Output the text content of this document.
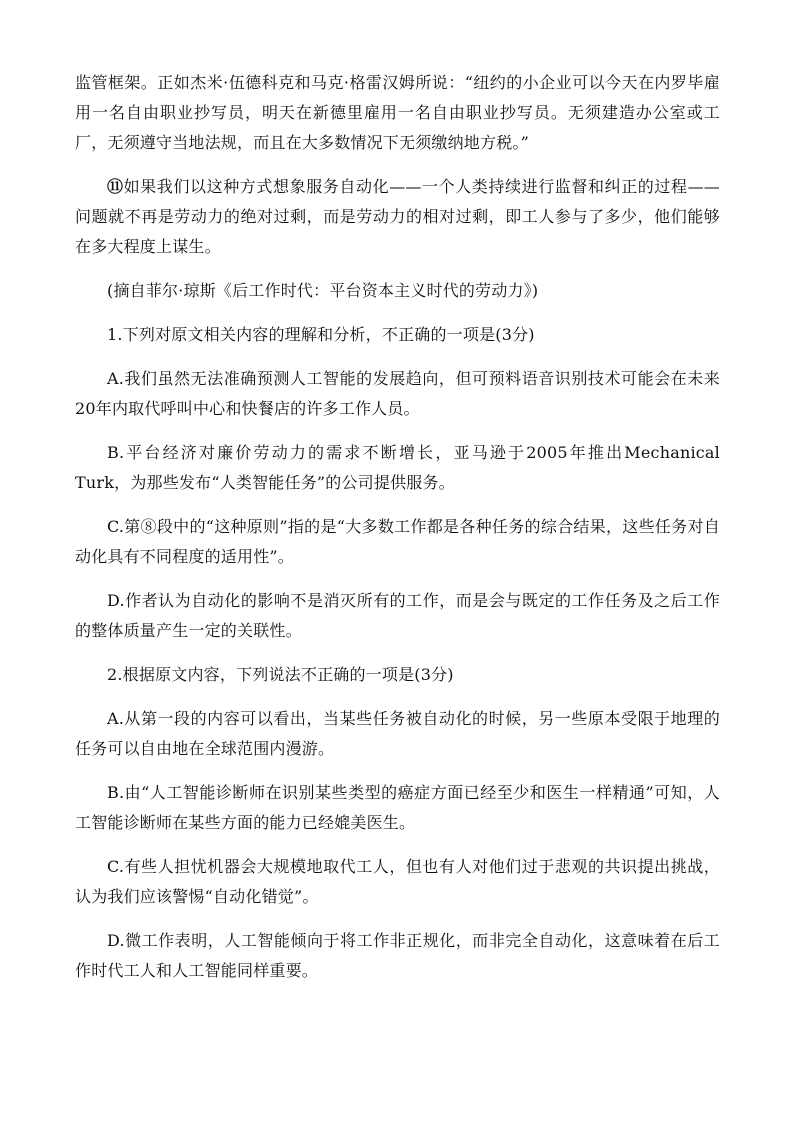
监管框架。正如杰米·伍德科克和马克·格雷汉姆所说：“纽约的小企业可以今天在内罗毕雇用一名自由职业抄写员，明天在新德里雇用一名自由职业抄写员。无须建造办公室或工厂，无须遵守当地法规，而且在大多数情况下无须缴纳地方税。”

⑪如果我们以这种方式想象服务自动化——一个人类持续进行监督和纠正的过程——问题就不再是劳动力的绝对过剩，而是劳动力的相对过剩，即工人参与了多少，他们能够在多大程度上谋生。

(摘自菲尔·琼斯《后工作时代：平台资本主义时代的劳动力》)

1.下列对原文相关内容的理解和分析，不正确的一项是(3分)

A.我们虽然无法准确预测人工智能的发展趋向，但可预料语音识别技术可能会在未来20年内取代呼叫中心和快餐店的许多工作人员。

B.平台经济对廉价劳动力的需求不断增长，亚马逊于2005年推出Mechanical Turk，为那些发布“人类智能任务”的公司提供服务。

C.第⑧段中的“这种原则”指的是“大多数工作都是各种任务的综合结果，这些任务对自动化具有不同程度的适用性”。

D.作者认为自动化的影响不是消灭所有的工作，而是会与既定的工作任务及之后工作的整体质量产生一定的关联性。

2.根据原文内容，下列说法不正确的一项是(3分)

A.从第一段的内容可以看出，当某些任务被自动化的时候，另一些原本受限于地理的任务可以自由地在全球范围内漫游。

B.由“人工智能诊断师在识别某些类型的癌症方面已经至少和医生一样精通”可知，人工智能诊断师在某些方面的能力已经媲美医生。

C.有些人担忧机器会大规模地取代工人，但也有人对他们过于悲观的共识提出挑战，认为我们应该警惕“自动化错觉”。

D.微工作表明，人工智能倾向于将工作非正规化，而非完全自动化，这意味着在后工作时代工人和人工智能同样重要。
